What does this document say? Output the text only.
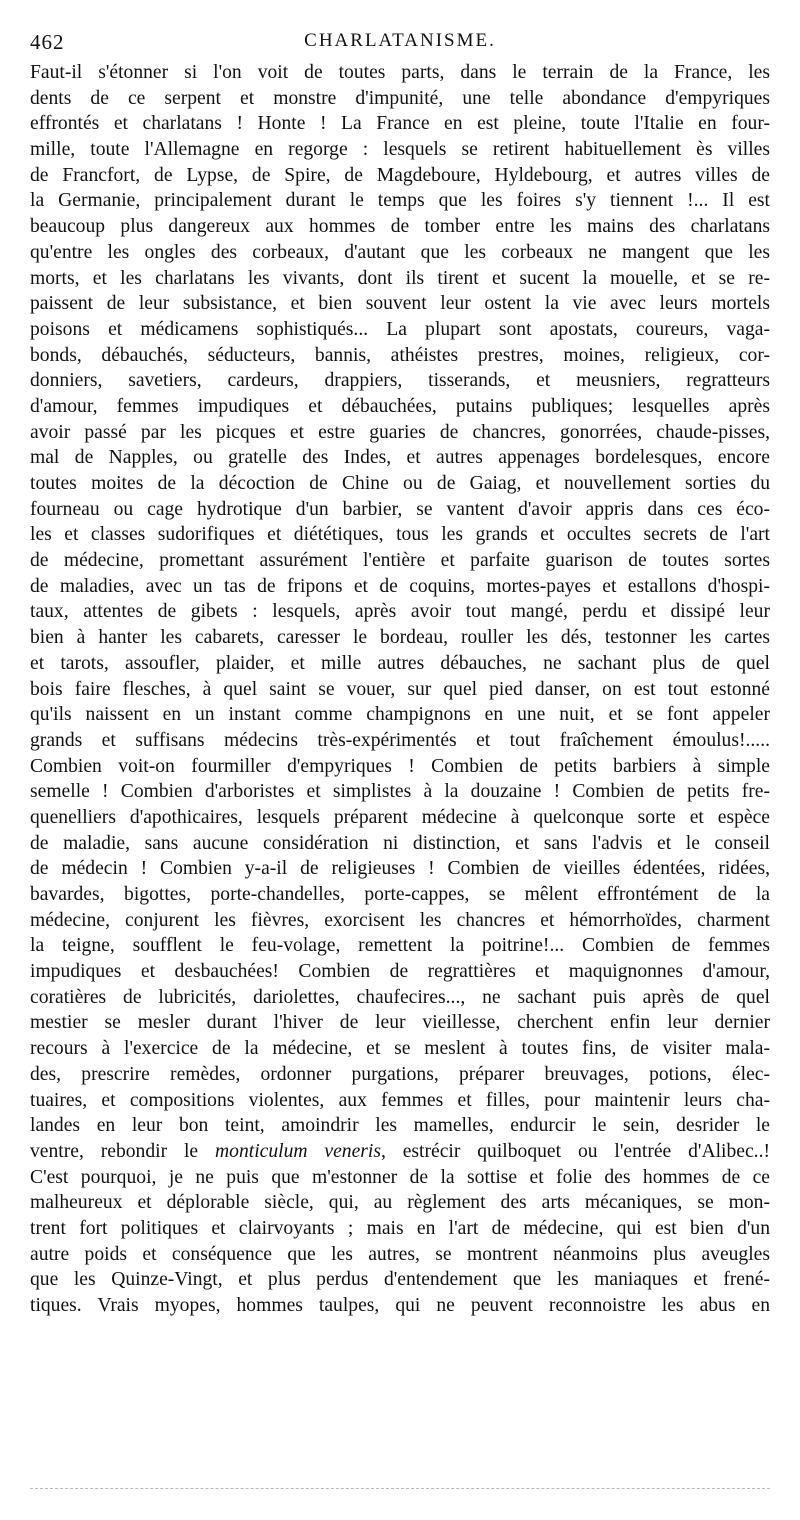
462	CHARLATANISME.
Faut-il s'étonner si l'on voit de toutes parts, dans le terrain de la France, les
dents de ce serpent et monstre d'impunité, une telle abondance d'empyriques
effrontés et charlatans ! Honte ! La France en est pleine, toute l'Italie en four-
mille, toute l'Allemagne en regorge : lesquels se retirent habituellement ès villes
de Francfort, de Lypse, de Spire, de Magdeboure, Hyldebourg, et autres villes de
la Germanie, principalement durant le temps que les foires s'y tiennent !... Il est
beaucoup plus dangereux aux hommes de tomber entre les mains des charlatans
qu'entre les ongles des corbeaux, d'autant que les corbeaux ne mangent que les
morts, et les charlatans les vivants, dont ils tirent et sucent la mouelle, et se re-
paissent de leur subsistance, et bien souvent leur ostent la vie avec leurs mortels
poisons et médicamens sophistiqués... La plupart sont apostats, coureurs, vaga-
bonds, débauchés, séducteurs, bannis, athéistes prestres, moines, religieux, cor-
donniers, savetiers, cardeurs, drappiers, tisserands, et meusniers, regratteurs
d'amour, femmes impudiques et débauchées, putains publiques; lesquelles après
avoir passé par les picques et estre guaries de chancres, gonorrées, chaude-pisses,
mal de Napples, ou gratelle des Indes, et autres appenages bordelesques, encore
toutes moites de la décoction de Chine ou de Gaiag, et nouvellement sorties du
fourneau ou cage hydrotique d'un barbier, se vantent d'avoir appris dans ces éco-
les et classes sudorifiques et diététiques, tous les grands et occultes secrets de l'art
de médecine, promettant assurément l'entière et parfaite guarison de toutes sortes
de maladies, avec un tas de fripons et de coquins, mortes-payes et estallons d'hospi-
taux, attentes de gibets : lesquels, après avoir tout mangé, perdu et dissipé leur
bien à hanter les cabarets, caresser le bordeau, rouller les dés, testonner les cartes
et tarots, assoufler, plaider, et mille autres débauches, ne sachant plus de quel
bois faire flesches, à quel saint se vouer, sur quel pied danser, on est tout estonné
qu'ils naissent en un instant comme champignons en une nuit, et se font appeler
grands et suffisans médecins très-expérimentés et tout fraîchement émoulus!.....
Combien voit-on fourmiller d'empyriques ! Combien de petits barbiers à simple
semelle ! Combien d'arboristes et simplistes à la douzaine ! Combien de petits fre-
quenelliers d'apothicaires, lesquels préparent médecine à quelconque sorte et espèce
de maladie, sans aucune considération ni distinction, et sans l'advis et le conseil
de médecin ! Combien y-a-il de religieuses ! Combien de vieilles édentées, ridées,
bavardes, bigottes, porte-chandelles, porte-cappes, se mêlent effrontément de la
médecine, conjurent les fièvres, exorcisent les chancres et hémorrhoïdes, charment
la teigne, soufflent le feu-volage, remettent la poitrine!... Combien de femmes
impudiques et desbauchées! Combien de regrattières et maquignonnes d'amour,
coratières de lubricités, dariolettes, chaufecires..., ne sachant puis après de quel
mestier se mesler durant l'hiver de leur vieillesse, cherchent enfin leur dernier
recours à l'exercice de la médecine, et se meslent à toutes fins, de visiter mala-
des, prescrire remèdes, ordonner purgations, préparer breuvages, potions, élec-
tuaires, et compositions violentes, aux femmes et filles, pour maintenir leurs cha-
landes en leur bon teint, amoindrir les mamelles, endurcir le sein, desrider le
ventre, rebondir le monticulum veneris, estrécir quilboquet ou l'entrée d'Alibec..!
C'est pourquoi, je ne puis que m'estonner de la sottise et folie des hommes de ce
malheureux et déplorable siècle, qui, au règlement des arts mécaniques, se mon-
trent fort politiques et clairvoyants ; mais en l'art de médecine, qui est bien d'un
autre poids et conséquence que les autres, se montrent néanmoins plus aveugles
que les Quinze-Vingt, et plus perdus d'entendement que les maniaques et frené-
tiques. Vrais myopes, hommes taulpes, qui ne peuvent reconnoistre les abus en
